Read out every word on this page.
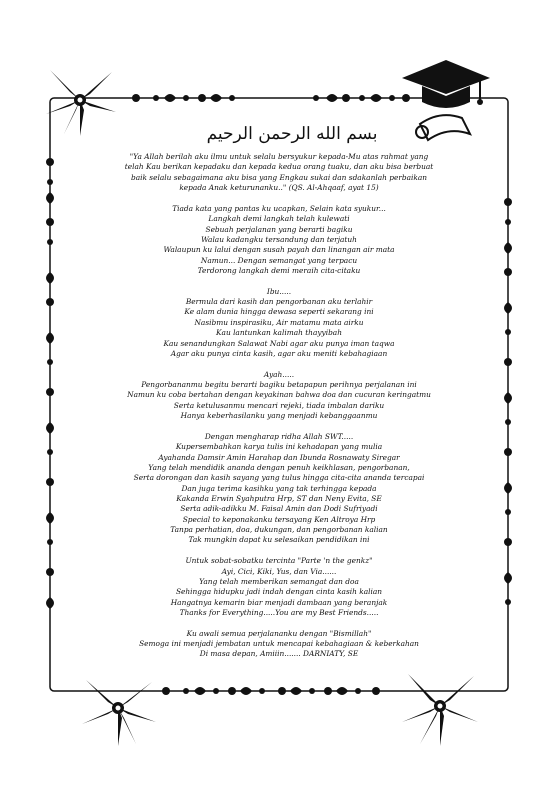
بسم الله الرحمن الرحيم
"Ya Allah berilah aku ilmu untuk selalu bersyukur kepada-Mu atas rahmat yang
telah Kau berikan kepadaku dan kepada kedua orang tuaku, dan aku bisa berbuat
baik selalu sebagaimana aku bisa yang Engkau sukai dan sdakanlah perbaikan
kepada Anak keturunanku.." (QS. Al-Ahqaaf, ayat 15)
Tiada kata yang pantas ku ucapkan, Selain kata syukur...
Langkah demi langkah telah kulewati
Sebuah perjalanan yang berarti bagiku
Walau kadangku tersandung dan terjatuh
Walaupun ku lalui dengan susah payah dan linangan air mata
Namun... Dengan semangat yang terpacu
Terdorong langkah demi meraih cita-citaku
Ibu.....
Bermula dari kasih dan pengorbanan aku terlahir
Ke alam dunia hingga dewasa seperti sekarang ini
Nasibmu inspirasiku, Air matamu mata airku
Kau lantunkan kalimah thayyibah
Kau senandungkan Salawat Nabi agar aku punya iman taqwa
Agar aku punya cinta kasih, agar aku meniti kebahagiaan
Ayah.....
Pengorbananmu begitu berarti bagiku betapapun perihnya perjalanan ini
Namun ku coba bertahan dengan keyakinan bahwa doa dan cucuran keringatmu
Serta ketulusanmu mencari rejeki, tiada imbalan dariku
Hanya keberhasilanku yang menjadi kebanggaanmu
Dengan mengharap ridha Allah SWT.....
Kupersembahkan karya tulis ini kehadapan yang mulia
Ayahanda Damsir Amin Harahap dan Ibunda Rosnawaty Siregar
Yang telah mendidik ananda dengan penuh keikhlasan, pengorbanan,
Serta dorongan dan kasih sayang yang tulus hingga cita-cita ananda tercapai
Dan juga terima kasihku yang tak terhingga kepada
Kakanda Erwin Syahputra Hrp, ST dan Neny Evita, SE
Serta adik-adikku M. Faisal Amin dan Dodi Sufriyadi
Special to keponakanku tersayang Ken Altroya Hrp
Tanpa perhatian, doa, dukungan, dan pengorbanan kalian
Tak mungkin dapat ku selesaikan pendidikan ini
Untuk sobat-sobatku tercinta "Parte 'n the genkz"
Ayi, Cici, Kiki, Yus, dan Via......
Yang telah memberikan semangat dan doa
Sehingga hidupku jadi indah dengan cinta kasih kalian
Hangatnya kemarin biar menjadi dambaan yang beranjak
Thanks for Everything.....You are my Best Friends.....
Ku awali semua perjalananku dengan "Bismillah"
Semoga ini menjadi jembatan untuk mencapai kebahagiaan & keberkahan
Di masa depan, Amiiin....... DARNIATY, SE
